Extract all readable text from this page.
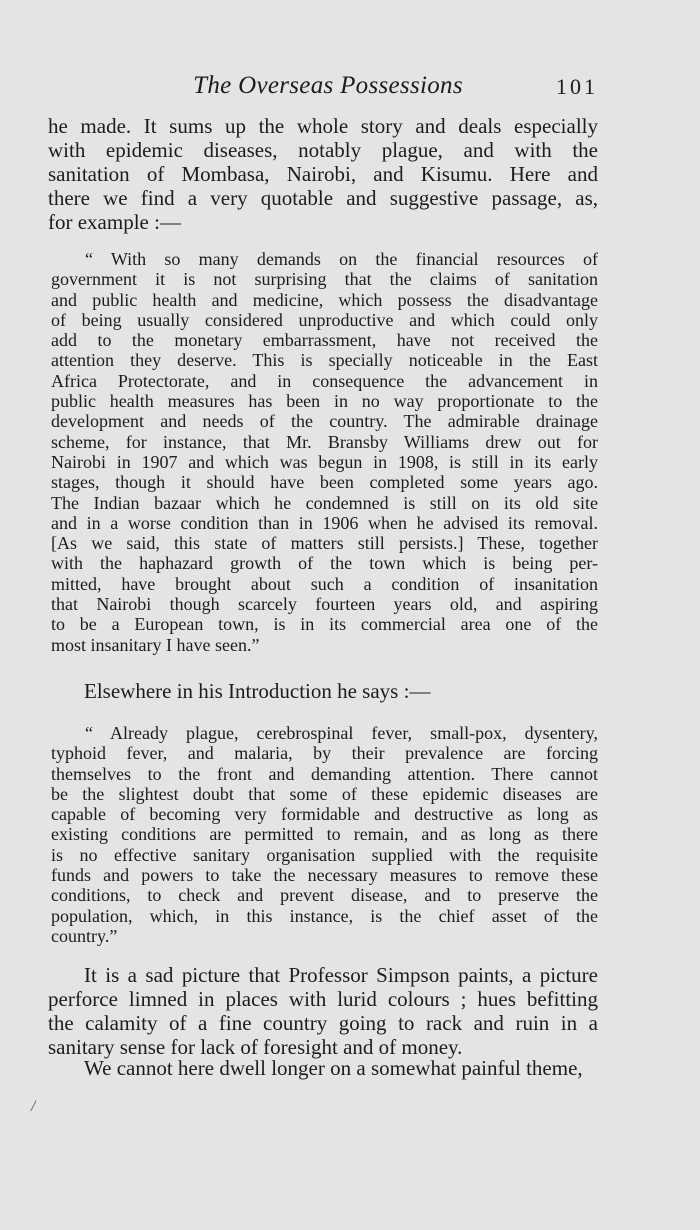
The Overseas Possessions	101
he made. It sums up the whole story and deals especially
with epidemic diseases, notably plague, and with the
sanitation of Mombasa, Nairobi, and Kisumu. Here and
there we find a very quotable and suggestive passage, as,
for example :—
“ With so many demands on the financial resources of
government it is not surprising that the claims of sanitation
and public health and medicine, which possess the disadvantage
of being usually considered unproductive and which could only
add to the monetary embarrassment, have not received the
attention they deserve. This is specially noticeable in the East
Africa Protectorate, and in consequence the advancement in
public health measures has been in no way proportionate to the
development and needs of the country. The admirable drainage
scheme, for instance, that Mr. Bransby Williams drew out for
Nairobi in 1907 and which was begun in 1908, is still in its early
stages, though it should have been completed some years ago.
The Indian bazaar which he condemned is still on its old site
and in a worse condition than in 1906 when he advised its removal.
[As we said, this state of matters still persists.] These, together
with the haphazard growth of the town which is being per-
mitted, have brought about such a condition of insanitation
that Nairobi though scarcely fourteen years old, and aspiring
to be a European town, is in its commercial area one of the
most insanitary I have seen.”
Elsewhere in his Introduction he says :—
“ Already plague, cerebrospinal fever, small-pox, dysentery,
typhoid fever, and malaria, by their prevalence are forcing
themselves to the front and demanding attention. There cannot
be the slightest doubt that some of these epidemic diseases are
capable of becoming very formidable and destructive as long as
existing conditions are permitted to remain, and as long as there
is no effective sanitary organisation supplied with the requisite
funds and powers to take the necessary measures to remove these
conditions, to check and prevent disease, and to preserve the
population, which, in this instance, is the chief asset of the
country.”
It is a sad picture that Professor Simpson paints, a picture
perforce limned in places with lurid colours ; hues befitting
the calamity of a fine country going to rack and ruin in a
sanitary sense for lack of foresight and of money.
We cannot here dwell longer on a somewhat painful theme,
/
